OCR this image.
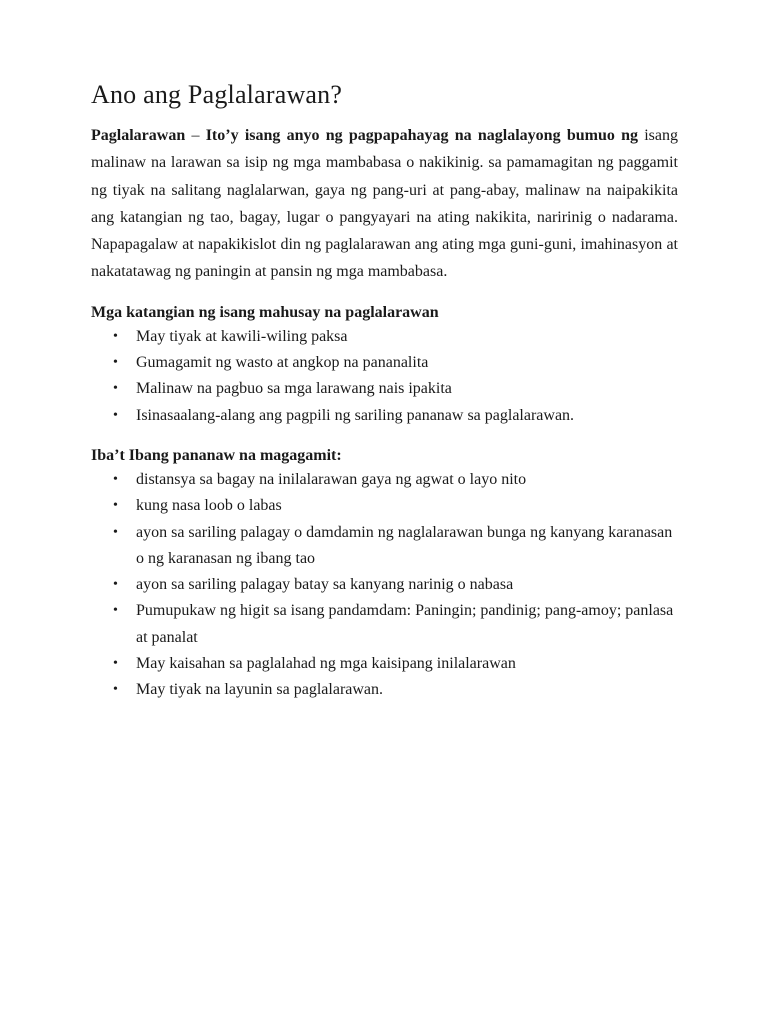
Ano ang Paglalarawan?

Paglalarawan – Ito’y isang anyo ng pagpapahayag na naglalayong bumuo ng isang malinaw na larawan sa isip ng mga mambabasa o nakikinig. sa pamamagitan ng paggamit ng tiyak na salitang naglalarwan, gaya ng pang-uri at pang-abay, malinaw na naipakikita ang katangian ng tao, bagay, lugar o pangyayari na ating nakikita, naririnig o nadarama. Napapagalaw at napakikislot din ng paglalarawan ang ating mga guni-guni, imahinasyon at nakatatawag ng paningin at pansin ng mga mambabasa.

Mga katangian ng isang mahusay na paglalarawan
• May tiyak at kawili-wiling paksa
• Gumagamit ng wasto at angkop na pananalita
• Malinaw na pagbuo sa mga larawang nais ipakita
• Isinasaalang-alang ang pagpili ng sariling pananaw sa paglalarawan.
Iba’t Ibang pananaw na magagamit:
• distansya sa bagay na inilalarawan gaya ng agwat o layo nito
• kung nasa loob o labas
• ayon sa sariling palagay o damdamin ng naglalarawan bunga ng kanyang karanasan o ng karanasan ng ibang tao
• ayon sa sariling palagay batay sa kanyang narinig o nabasa
• Pumupukaw ng higit sa isang pandamdam: Paningin; pandinig; pang-amoy; panlasa at panalat
• May kaisahan sa paglalahad ng mga kaisipang inilalarawan
• May tiyak na layunin sa paglalarawan.
